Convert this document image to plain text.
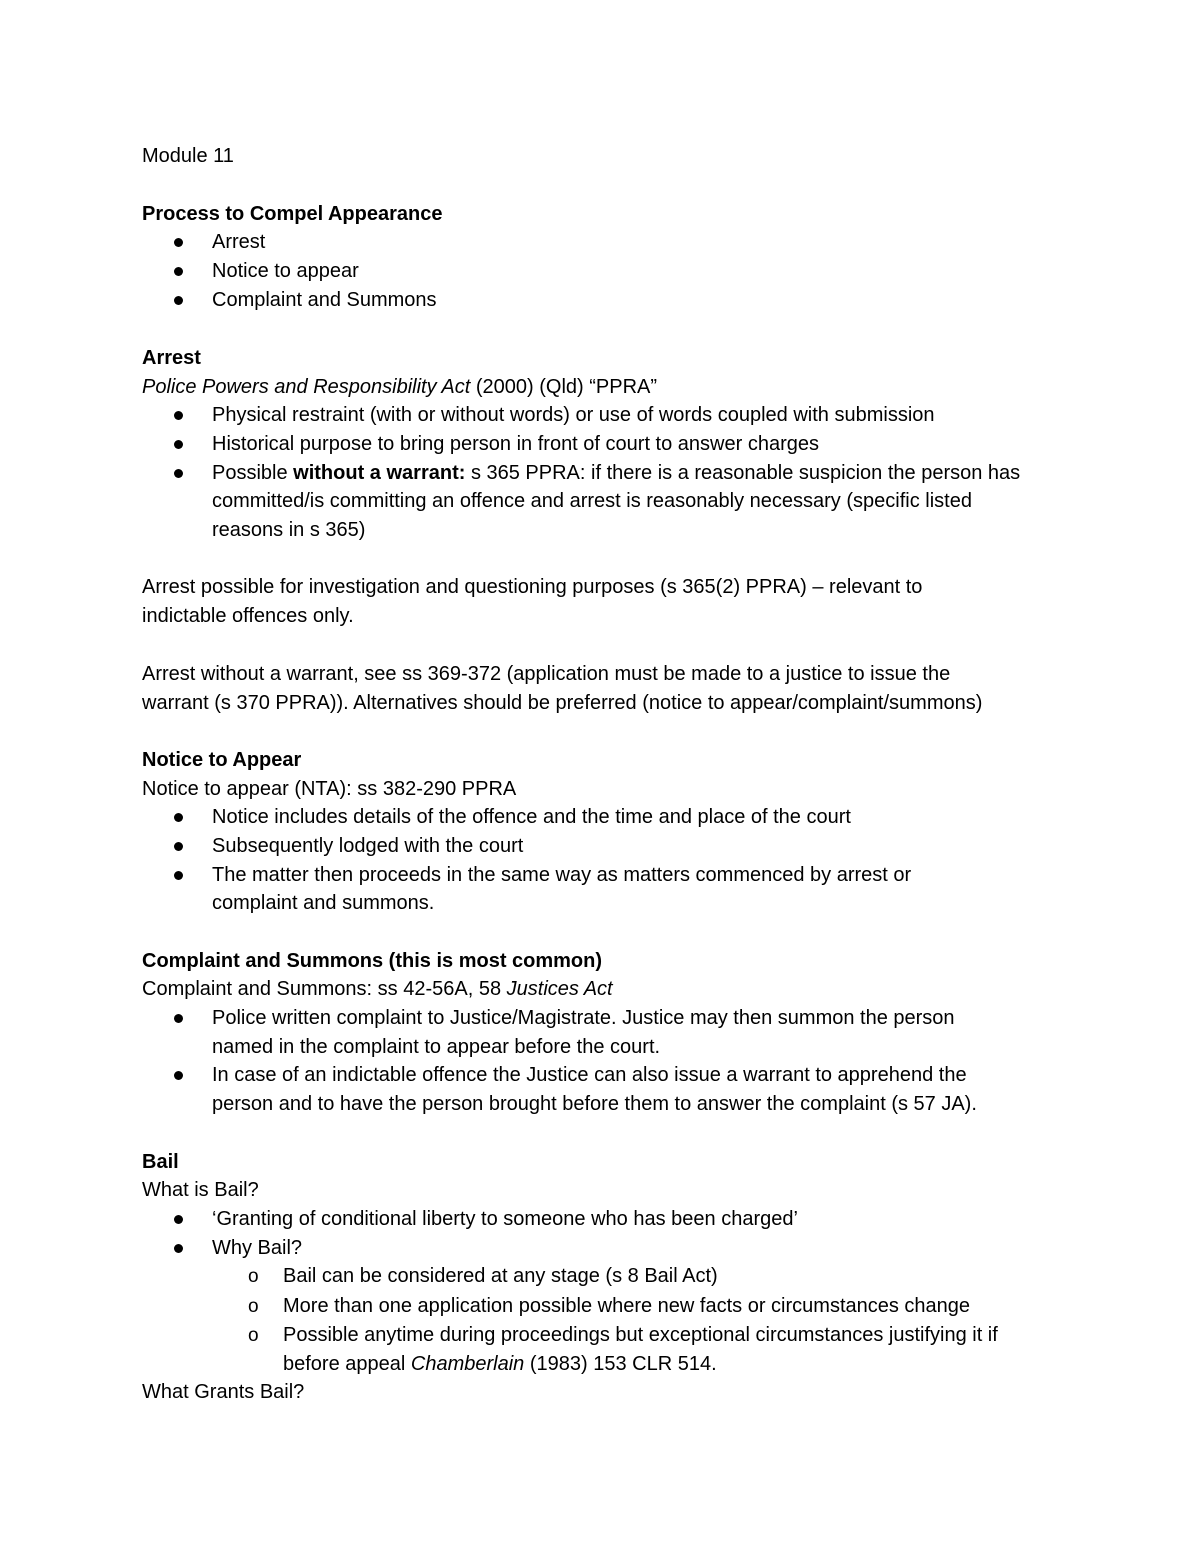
Module 11
Process to Compel Appearance
Arrest
Notice to appear
Complaint and Summons
Arrest
Police Powers and Responsibility Act (2000) (Qld) “PPRA”
Physical restraint (with or without words) or use of words coupled with submission
Historical purpose to bring person in front of court to answer charges
Possible without a warrant: s 365 PPRA: if there is a reasonable suspicion the person has
committed/is committing an offence and arrest is reasonably necessary (specific listed
reasons in s 365)
Arrest possible for investigation and questioning purposes (s 365(2) PPRA) – relevant to
indictable offences only.
Arrest without a warrant, see ss 369-372 (application must be made to a justice to issue the
warrant (s 370 PPRA)). Alternatives should be preferred (notice to appear/complaint/summons)
Notice to Appear
Notice to appear (NTA): ss 382-290 PPRA
Notice includes details of the offence and the time and place of the court
Subsequently lodged with the court
The matter then proceeds in the same way as matters commenced by arrest or
complaint and summons.
Complaint and Summons (this is most common)
Complaint and Summons: ss 42-56A, 58 Justices Act
Police written complaint to Justice/Magistrate. Justice may then summon the person
named in the complaint to appear before the court.
In case of an indictable offence the Justice can also issue a warrant to apprehend the
person and to have the person brought before them to answer the complaint (s 57 JA).
Bail
What is Bail?
‘Granting of conditional liberty to someone who has been charged’
Why Bail?
o Bail can be considered at any stage (s 8 Bail Act)
o More than one application possible where new facts or circumstances change
o Possible anytime during proceedings but exceptional circumstances justifying it if
before appeal Chamberlain (1983) 153 CLR 514.
What Grants Bail?
